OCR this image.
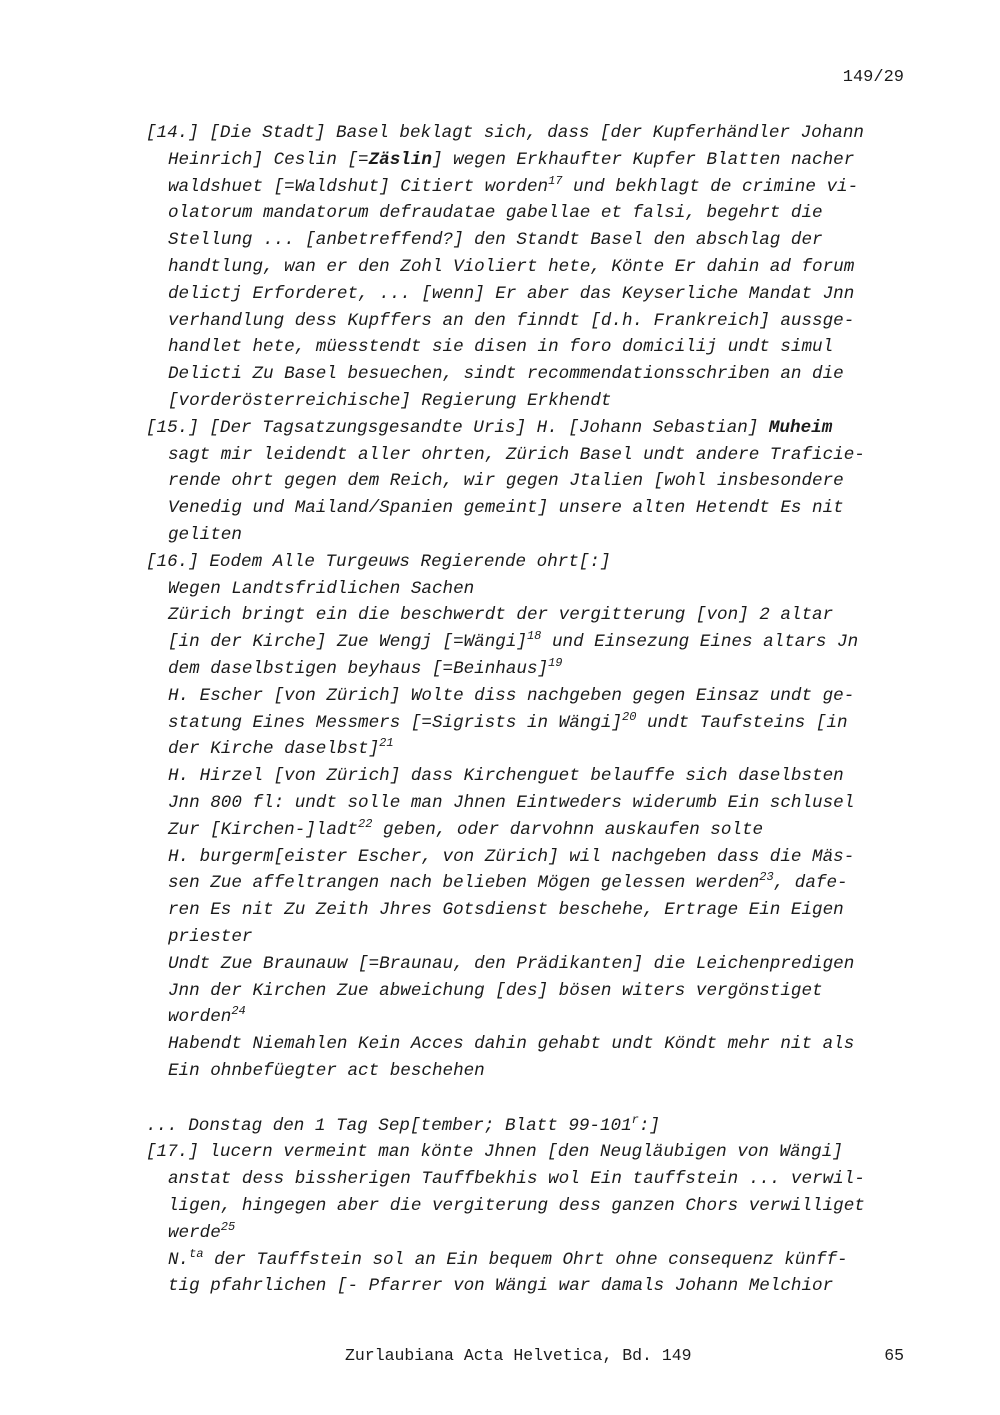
149/29
[14.] [Die Stadt] Basel beklagt sich, dass [der Kupferhändler Johann
Heinrich] Ceslin [=Zäslin] wegen Erkhaufter Kupfer Blatten nacher
waldshuet [=Waldshut] Citiert worden$^{17}$ und bekhlagt de crimine vi-
olatorum mandatorum defraudatae gabellae et falsi, begehrt die
Stellung ... [anbetreffend?] den Standt Basel den abschlag der
handtlung, wan er den Zohl Violiert hete, Könte Er dahin ad forum
delictj Erforderet, ... [wenn] Er aber das Keyserliche Mandat Jnn
verhandlung dess Kupffers an den finndt [d.h. Frankreich] aussge-
handlet hete, müesstendt sie disen in foro domicilij undt simul
Delicti Zu Basel besuechen, sindt recommendationsschriben an die
[vorderösterreichische] Regierung Erkhendt
[15.] [Der Tagsatzungsgesandte Uris] H. [Johann Sebastian] Muheim
sagt mir leidendt aller ohrten, Zürich Basel undt andere Traficie-
rende ohrt gegen dem Reich, wir gegen Jtalien [wohl insbesondere
Venedig und Mailand/Spanien gemeint] unsere alten Hetendt Es nit
geliten
[16.] Eodem Alle Turgeuws Regierende ohrt[:]
Wegen Landtsfridlichen Sachen
Zürich bringt ein die beschwerdt der vergitterung [von] 2 altar
[in der Kirche] Zue Wengj [=Wängi]$^{18}$ und Einsezung Eines altars Jn
dem daselbstigen beyhaus [=Beinhaus]$^{19}$
H. Escher [von Zürich] Wolte diss nachgeben gegen Einsaz undt ge-
statung Eines Messmers [=Sigrists in Wängi]$^{20}$ undt Taufsteins [in
der Kirche daselbst]$^{21}$
H. Hirzel [von Zürich] dass Kirchenguet belauffe sich daselbsten
Jnn 800 fl: undt solle man Jhnen Eintweders widerumb Ein schlusel
Zur [Kirchen-]ladt$^{22}$ geben, oder darvohnn auskaufen solte
H. burgerm[eister Escher, von Zürich] wil nachgeben dass die Mäs-
sen Zue affeltrangen nach belieben Mögen gelessen werden$^{23}$, dafe-
ren Es nit Zu Zeith Jhres Gotsdienst beschehe, Ertrage Ein Eigen
priester
Undt Zue Braunauw [=Braunau, den Prädikanten] die Leichenpredigen
Jnn der Kirchen Zue abweichung [des] bösen witers vergönstiget
worden$^{24}$
Habendt Niemahlen Kein Acces dahin gehabt undt Köndt mehr nit als
Ein ohnbefüegter act beschehen
... Donstag den 1 Tag Sep[tember; Blatt 99-101$^r$:]
[17.] lucern vermeint man könte Jhnen [den Neugläubigen von Wängi]
anstat dess bissherigen Tauffbekhis wol Ein tauffstein ... verwil-
ligen, hingegen aber die vergiterung dess ganzen Chors verwilliget
werde$^{25}$
N.$^{ta}$ der Tauffstein sol an Ein bequem Ohrt ohne consequenz künff-
tig pfahrlichen [- Pfarrer von Wängi war damals Johann Melchior
Zurlaubiana Acta Helvetica, Bd. 149	65
